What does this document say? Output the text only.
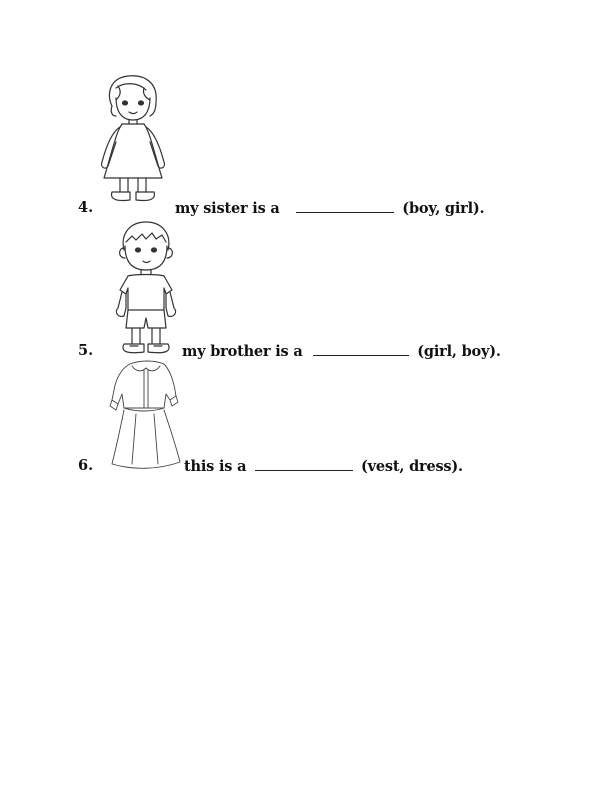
4.	my sister is a	(boy, girl).
5.	my brother is a	(girl, boy).
6.	this is a	(vest, dress).
